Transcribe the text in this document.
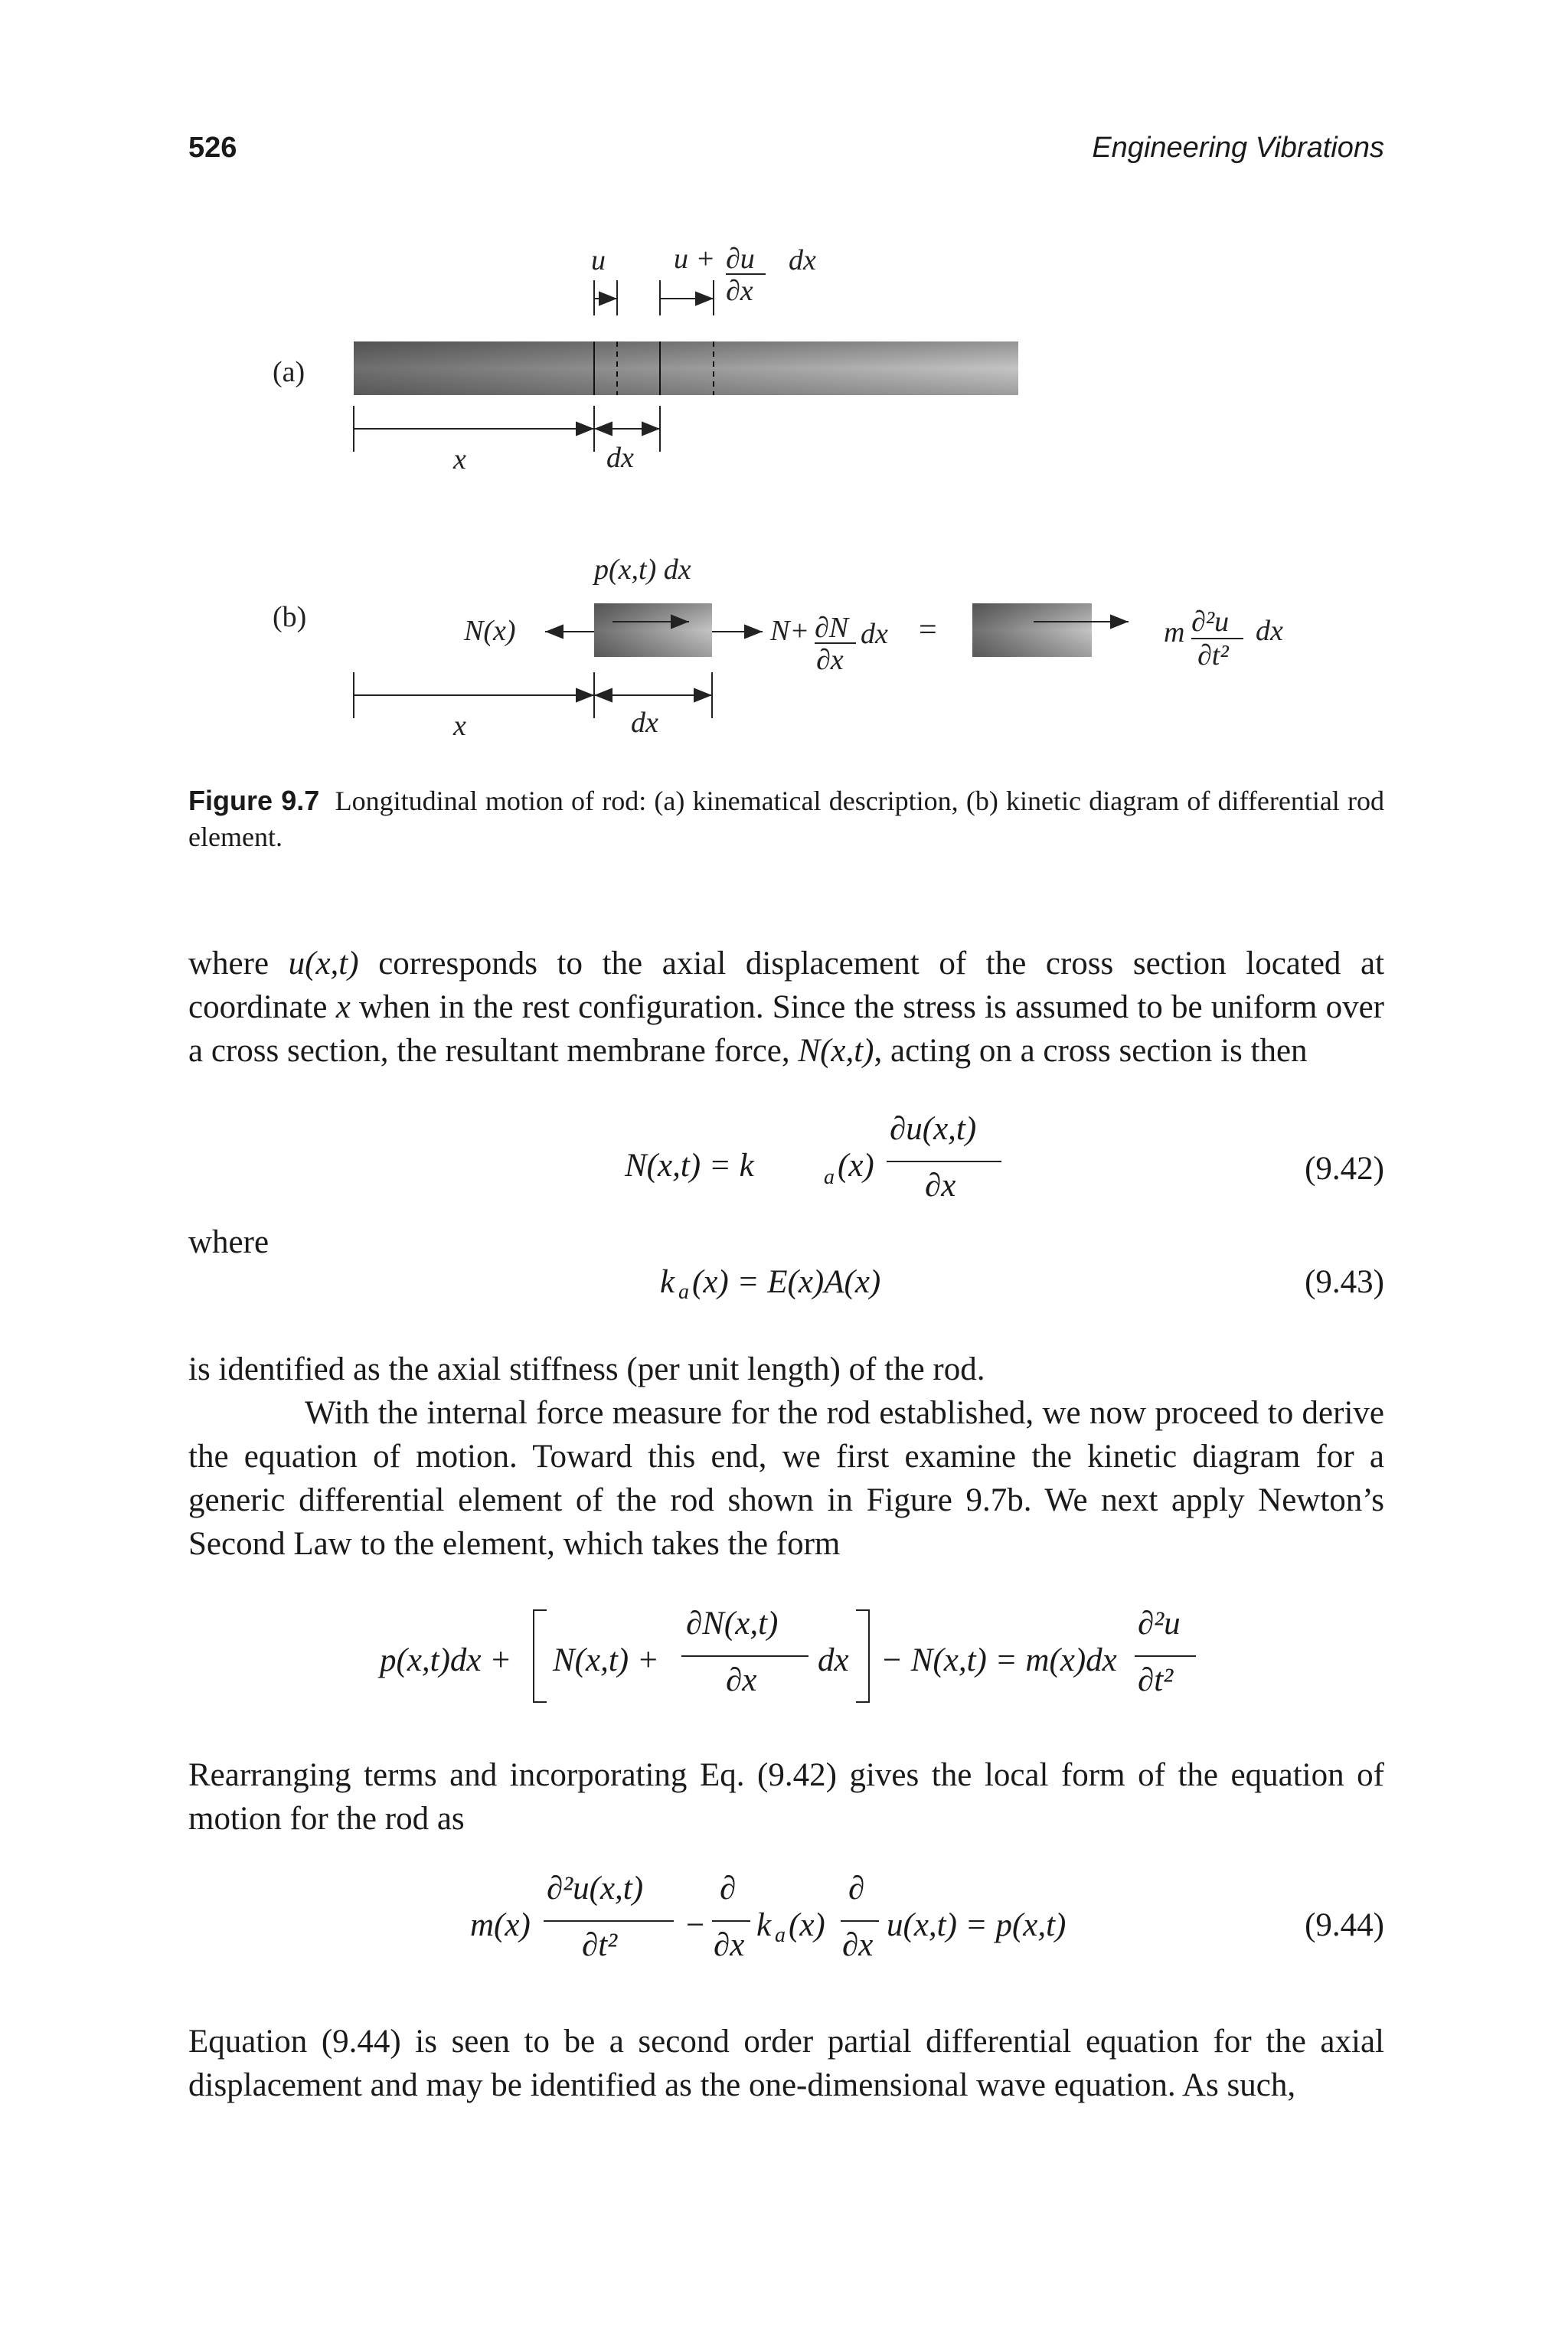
526	Engineering Vibrations
(a)
u u + ∂u
∂x
dx
x	dx
(b)
p(x,t) dx
N(x)	N+ ∂N
∂x
dx =	m ∂²u
∂t²
dx
x	dx
Figure 9.7 Longitudinal motion of rod: (a) kinematical description, (b) kinetic diagram of differential rod element.
where u(x,t) corresponds to the axial displacement of the cross section located at coordinate x when in the rest configuration. Since the stress is assumed to be uniform over a cross section, the resultant membrane force, N(x,t), acting on a cross section is then
N(x,t) = k	a (x)
∂u(x,t)
∂x	(9.42)
where
k a (x) = E(x)A(x)	(9.43)
is identified as the axial stiffness (per unit length) of the rod.
With the internal force measure for the rod established, we now proceed to derive the equation of motion. Toward this end, we first examine the kinetic diagram for a generic differential element of the rod shown in Figure 9.7b. We next apply Newton’s Second Law to the element, which takes the form
p(x,t)dx + N(x,t) +
∂N(x,t)
∂x
dx − N(x,t) = m(x)dx
∂²u
∂t²
Rearranging terms and incorporating Eq. (9.42) gives the local form of the equation of motion for the rod as
m(x)
∂²u(x,t)
∂t²
−
∂
∂x
k a (x)
∂
∂x
u(x,t) = p(x,t)	(9.44)
Equation (9.44) is seen to be a second order partial differential equation for the axial displacement and may be identified as the one-dimensional wave equation. As such,
